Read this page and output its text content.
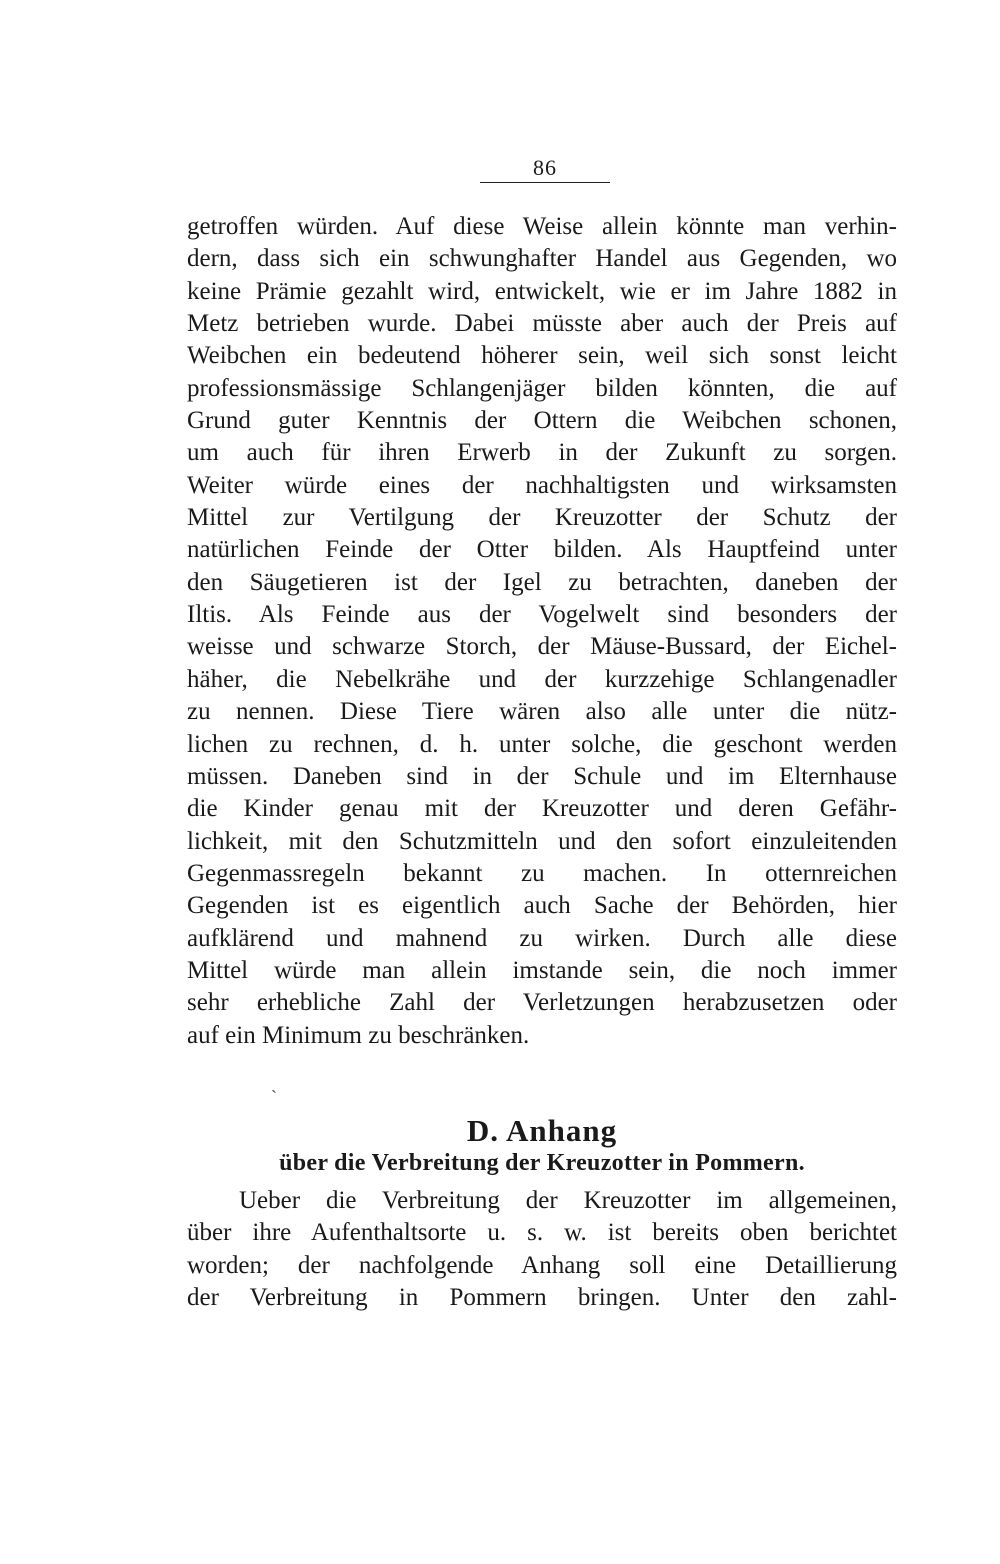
86
getroffen würden. Auf diese Weise allein könnte man verhin-
dern, dass sich ein schwunghafter Handel aus Gegenden, wo
keine Prämie gezahlt wird, entwickelt, wie er im Jahre 1882 in
Metz betrieben wurde. Dabei müsste aber auch der Preis auf
Weibchen ein bedeutend höherer sein, weil sich sonst leicht
professionsmässige Schlangenjäger bilden könnten, die auf
Grund guter Kenntnis der Ottern die Weibchen schonen,
um auch für ihren Erwerb in der Zukunft zu sorgen.
Weiter würde eines der nachhaltigsten und wirksamsten
Mittel zur Vertilgung der Kreuzotter der Schutz der
natürlichen Feinde der Otter bilden. Als Hauptfeind unter
den Säugetieren ist der Igel zu betrachten, daneben der
Iltis. Als Feinde aus der Vogelwelt sind besonders der
weisse und schwarze Storch, der Mäuse-Bussard, der Eichel-
häher, die Nebelkrähe und der kurzzehige Schlangenadler
zu nennen. Diese Tiere wären also alle unter die nütz-
lichen zu rechnen, d. h. unter solche, die geschont werden
müssen. Daneben sind in der Schule und im Elternhause
die Kinder genau mit der Kreuzotter und deren Gefähr-
lichkeit, mit den Schutzmitteln und den sofort einzuleitenden
Gegenmassregeln bekannt zu machen. In otternreichen
Gegenden ist es eigentlich auch Sache der Behörden, hier
aufklärend und mahnend zu wirken. Durch alle diese
Mittel würde man allein imstande sein, die noch immer
sehr erhebliche Zahl der Verletzungen herabzusetzen oder
auf ein Minimum zu beschränken.
`
D. Anhang
über die Verbreitung der Kreuzotter in Pommern.
Ueber die Verbreitung der Kreuzotter im allgemeinen,
über ihre Aufenthaltsorte u. s. w. ist bereits oben berichtet
worden; der nachfolgende Anhang soll eine Detaillierung
der Verbreitung in Pommern bringen. Unter den zahl-
